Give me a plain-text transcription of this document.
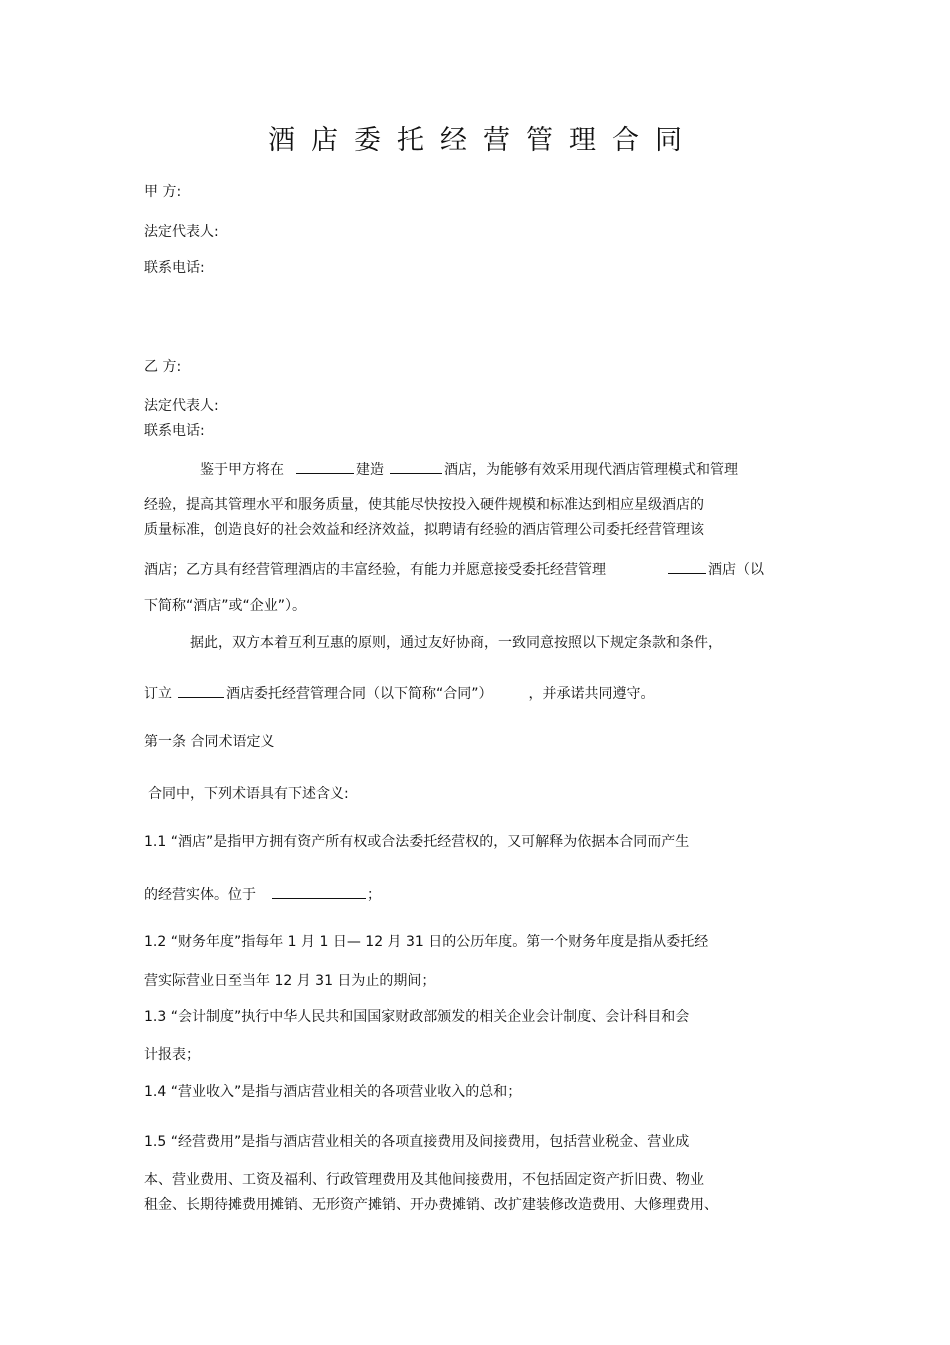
酒店委托经营管理合同
甲 方:
法定代表人:
联系电话:
乙 方:
法定代表人:
联系电话:
鉴于甲方将在	建造	酒店，为能够有效采用现代酒店管理模式和管理
经验，提高其管理水平和服务质量，使其能尽快按投入硬件规模和标准达到相应星级酒店的
质量标准，创造良好的社会效益和经济效益，拟聘请有经验的酒店管理公司委托经营管理该
酒店；乙方具有经营管理酒店的丰富经验，有能力并愿意接受委托经营管理	酒店（以
下简称“酒店”或“企业”）。
据此，双方本着互利互惠的原则，通过友好协商，一致同意按照以下规定条款和条件，
订立	酒店委托经营管理合同（以下简称“合同”）	，并承诺共同遵守。
第一条 合同术语定义
合同中，下列术语具有下述含义:
1.1 “酒店”是指甲方拥有资产所有权或合法委托经营权的，又可解释为依据本合同而产生
的经营实体。位于	；
1.2 “财务年度”指每年 1 月 1 日— 12 月 31 日的公历年度。第一个财务年度是指从委托经
营实际营业日至当年 12 月 31 日为止的期间；
1.3 “会计制度”执行中华人民共和国国家财政部颁发的相关企业会计制度、会计科目和会
计报表；
1.4 “营业收入”是指与酒店营业相关的各项营业收入的总和；
1.5 “经营费用”是指与酒店营业相关的各项直接费用及间接费用，包括营业税金、营业成
本、营业费用、工资及福利、行政管理费用及其他间接费用，不包括固定资产折旧费、物业
租金、长期待摊费用摊销、无形资产摊销、开办费摊销、改扩建装修改造费用、大修理费用、
